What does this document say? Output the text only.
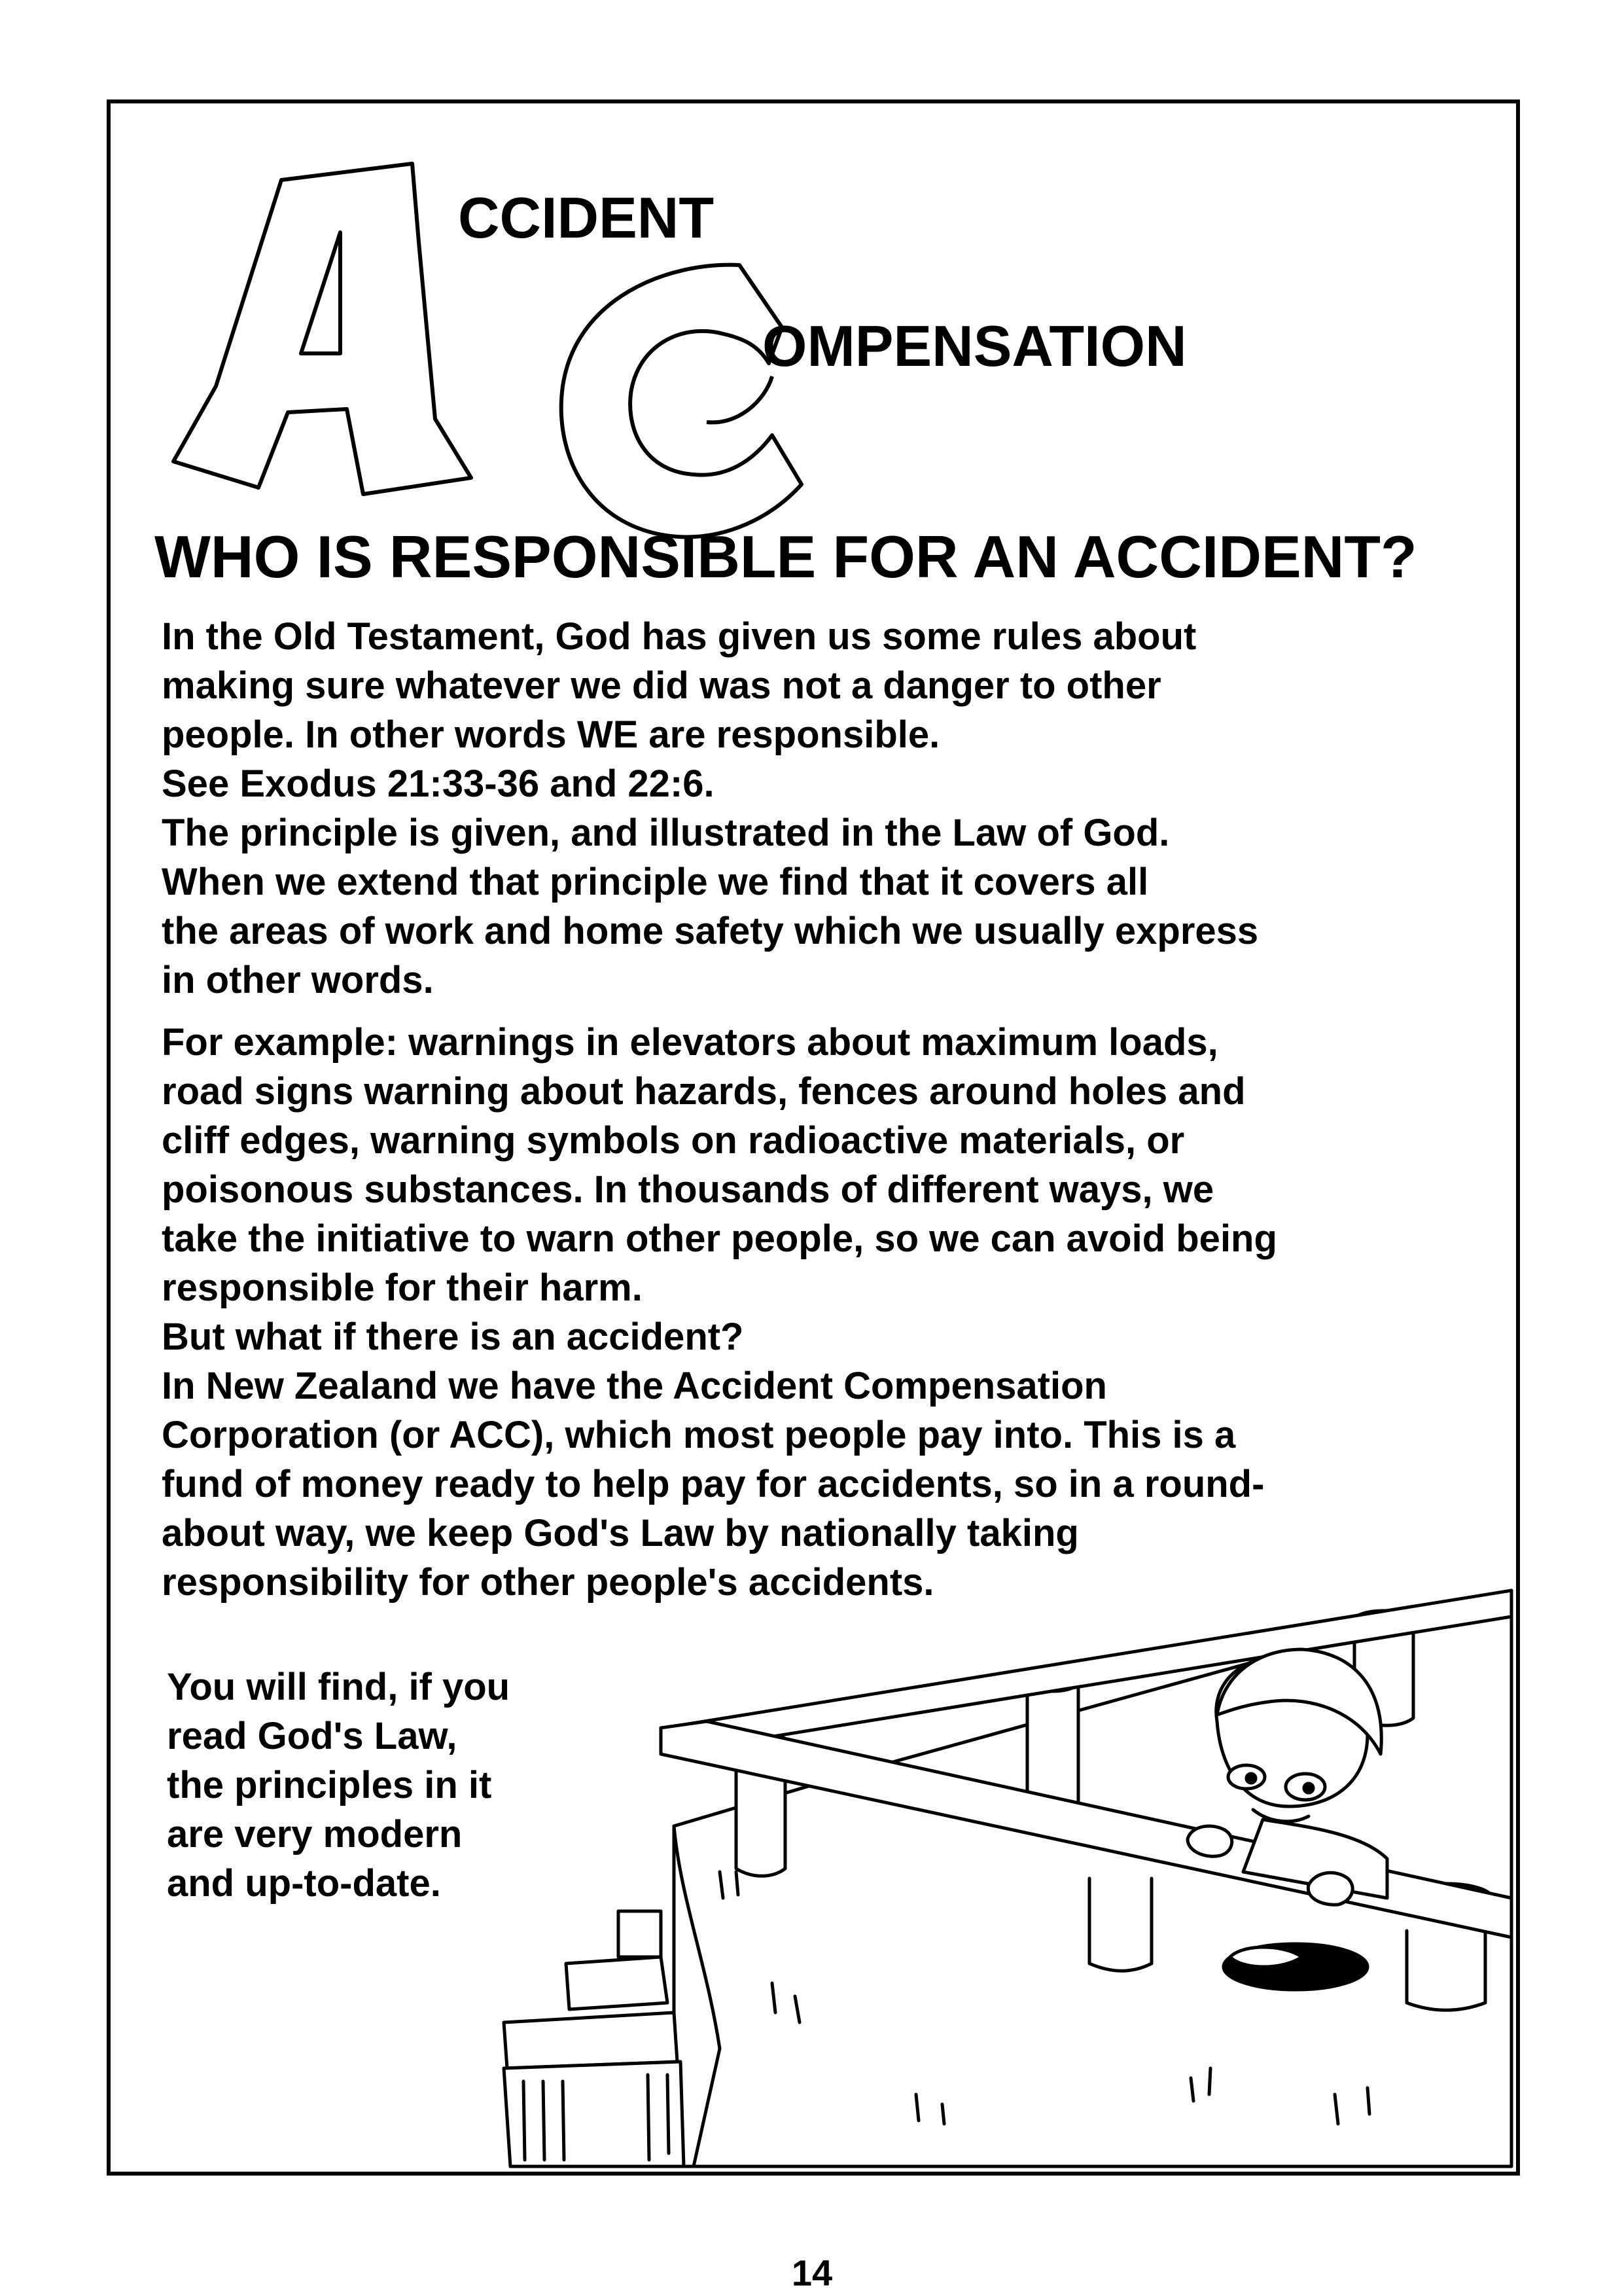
A
CCIDENT
OMPENSATION
WHO IS RESPONSIBLE FOR AN ACCIDENT?
In the Old Testament, God has given us some rules about
making sure whatever we did was not a danger to other
people. In other words WE are responsible.
See Exodus 21:33-36 and 22:6.
The principle is given, and illustrated in the Law of God.
When we extend that principle we find that it covers all
the areas of work and home safety which we usually express
in other words.
For example: warnings in elevators about maximum loads,
road signs warning about hazards, fences around holes and
cliff edges, warning symbols on radioactive materials, or
poisonous substances. In thousands of different ways, we
take the initiative to warn other people, so we can avoid being
responsible for their harm.
But what if there is an accident?
In New Zealand we have the Accident Compensation
Corporation (or ACC), which most people pay into. This is a
fund of money ready to help pay for accidents, so in a round-
about way, we keep God's Law by nationally taking
responsibility for other people's accidents.
You will find, if you
read God's Law,
the principles in it
are very modern
and up-to-date.
14
